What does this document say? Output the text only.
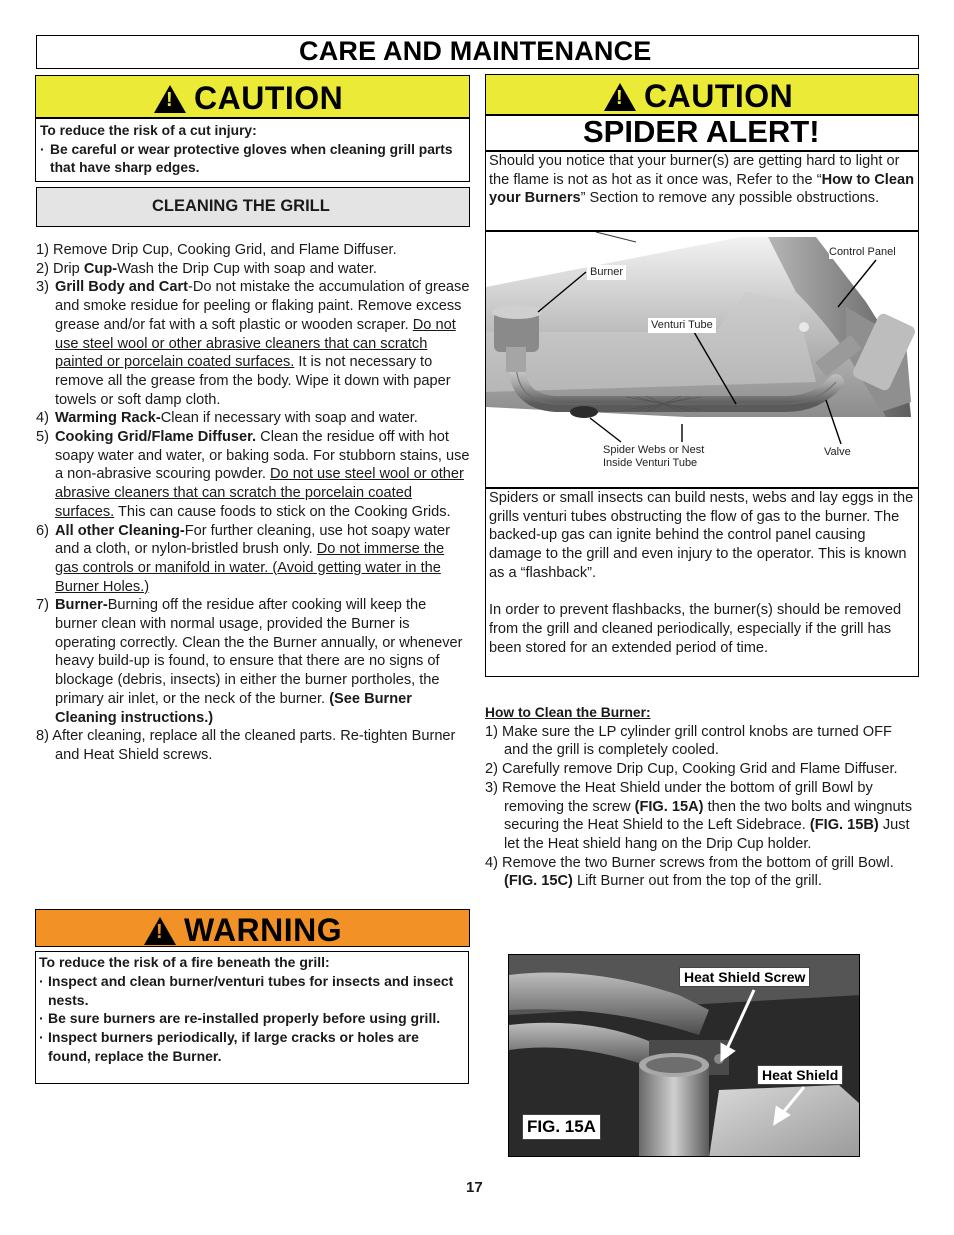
CARE AND MAINTENANCE
!
CAUTION
To reduce the risk of a cut injury:
· Be careful or wear protective gloves when cleaning grill parts that have sharp edges.
CLEANING THE GRILL
1) Remove Drip Cup, Cooking Grid, and Flame Diffuser.
2) Drip Cup-Wash the Drip Cup with soap and water.
3) Grill Body and Cart-Do not mistake the accumulation of grease and smoke residue for peeling or flaking paint. Remove excess grease and/or fat with a soft plastic or wooden scraper. Do not use steel wool or other abrasive cleaners that can scratch painted or porcelain coated surfaces. It is not necessary to remove all the grease from the body. Wipe it down with paper towels or soft damp cloth.
4) Warming Rack-Clean if necessary with soap and water.
5) Cooking Grid/Flame Diffuser. Clean the residue off with hot soapy water and water, or baking soda. For stubborn stains, use a non-abrasive scouring powder. Do not use steel wool or other abrasive cleaners that can scratch the porcelain coated surfaces. This can cause foods to stick on the Cooking Grids.
6) All other Cleaning-For further cleaning, use hot soapy water and a cloth, or nylon-bristled brush only. Do not immerse the gas controls or manifold in water. (Avoid getting water in the Burner Holes.)
7) Burner-Burning off the residue after cooking will keep the burner clean with normal usage, provided the Burner is operating correctly. Clean the the Burner annually, or whenever heavy build-up is found, to ensure that there are no signs of blockage (debris, insects) in either the burner portholes, the primary air inlet, or the neck of the burner. (See Burner Cleaning instructions.)
8) After cleaning, replace all the cleaned parts. Re-tighten Burner and Heat Shield screws.
!
WARNING
To reduce the risk of a fire beneath the grill:
· Inspect and clean burner/venturi tubes for insects and insect nests.
· Be sure burners are re-installed properly before using grill.
· Inspect burners periodically, if large cracks or holes are found, replace the Burner.
!
CAUTION
SPIDER ALERT!
Should you notice that your burner(s) are getting hard to light or the flame is not as hot as it once was, Refer to the “How to Clean your Burners” Section to remove any possible obstructions.
Burner
Control Panel
Venturi Tube
Spider Webs or Nest
Inside Venturi Tube
Valve
Spiders or small insects can build nests, webs and lay eggs in the grills venturi tubes obstructing the flow of gas to the burner. The backed-up gas can ignite behind the control panel causing damage to the grill and even injury to the operator. This is known as a “flashback”.
In order to prevent flashbacks, the burner(s) should be removed from the grill and cleaned periodically, especially if the grill has been stored for an extended period of time.
How to Clean the Burner:
1) Make sure the LP cylinder grill control knobs are turned OFF and the grill is completely cooled.
2) Carefully remove Drip Cup, Cooking Grid and Flame Diffuser.
3) Remove the Heat Shield under the bottom of grill Bowl by removing the screw (FIG. 15A) then the two bolts and wingnuts securing the Heat Shield to the Left Sidebrace. (FIG. 15B) Just let the Heat shield hang on the Drip Cup holder.
4) Remove the two Burner screws from the bottom of grill Bowl. (FIG. 15C) Lift Burner out from the top of the grill.
Heat Shield Screw
Heat Shield
FIG. 15A
17
